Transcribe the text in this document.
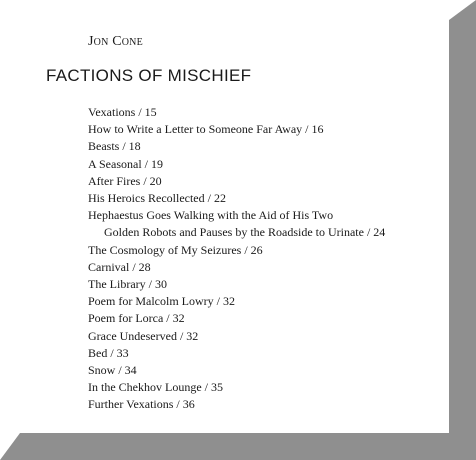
Jon Cone
FACTIONS OF MISCHIEF
Vexations / 15
How to Write a Letter to Someone Far Away / 16
Beasts / 18
A Seasonal / 19
After Fires / 20
His Heroics Recollected / 22
Hephaestus Goes Walking with the Aid of His Two
Golden Robots and Pauses by the Roadside to Urinate / 24
The Cosmology of My Seizures / 26
Carnival / 28
The Library / 30
Poem for Malcolm Lowry / 32
Poem for Lorca / 32
Grace Undeserved / 32
Bed / 33
Snow / 34
In the Chekhov Lounge / 35
Further Vexations / 36
